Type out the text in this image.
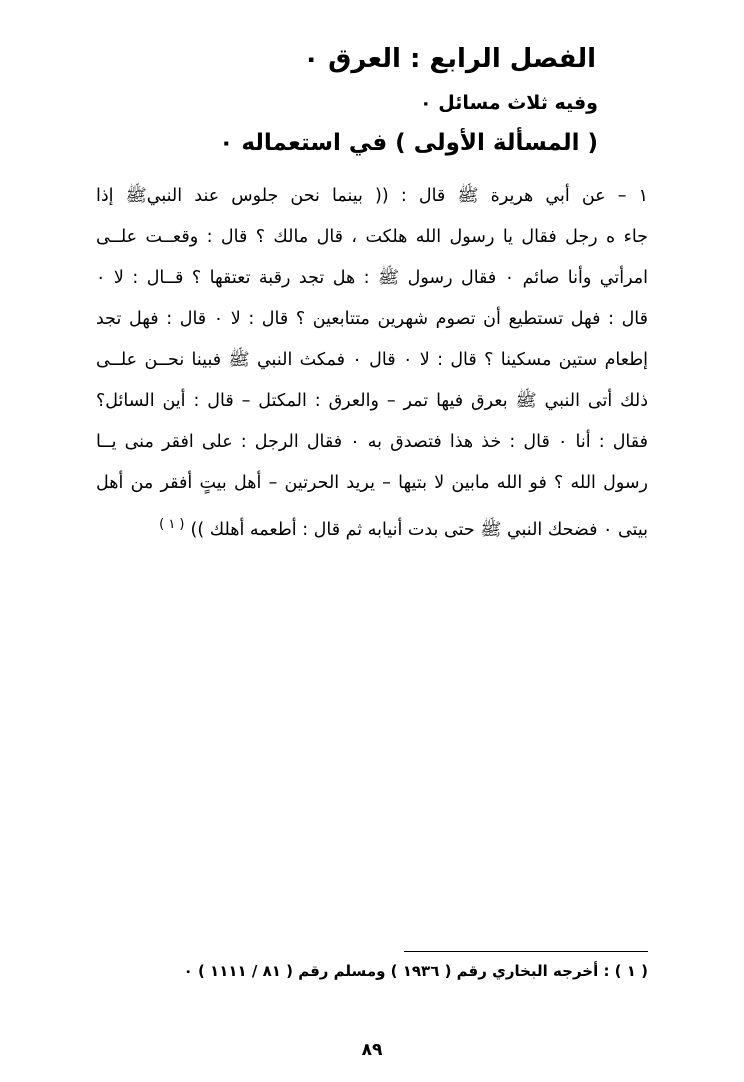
الفصل الرابع : العرق ٠
وفيه ثلاث مسائل ٠
( المسألة الأولى ) في استعماله ٠
١ – عن أبي هريرة ﷺ قال : (( بينما نحن جلوس عند النبيﷺ إذا
جاء ه رجل فقال يا رسول الله هلكت ، قال مالك ؟ قال : وقعــت علــى
امرأتي وأنا صائم ٠ فقال رسول ﷺ : هل تجد رقبة تعتقها ؟ قــال : لا ٠
قال : فهل تستطيع أن تصوم شهرين متتابعين ؟ قال : لا ٠ قال : فهل تجد
إطعام ستين مسكينا ؟ قال : لا ٠ قال ٠ فمكث النبي ﷺ فبينا نحــن علــى
ذلك أتى النبي ﷺ بعرق فيها تمر – والعرق : المكتل – قال : أين السائل؟
فقال : أنا ٠ قال : خذ هذا فتصدق به ٠ فقال الرجل : على افقر منى يــا
رسول الله ؟ فو الله مابين لا بتيها – يريد الحرتين – أهل بيتٍ أفقر من أهل
بيتى ٠ فضحك النبي ﷺ حتى بدت أنيابه ثم قال : أطعمه أهلك ))$^{( ١ )}$
( ١ ) : أخرجه البخاري رقم ( ١٩٣٦ ) ومسلم رقم ( ٨١ / ١١١١ ) ٠
٨٩
